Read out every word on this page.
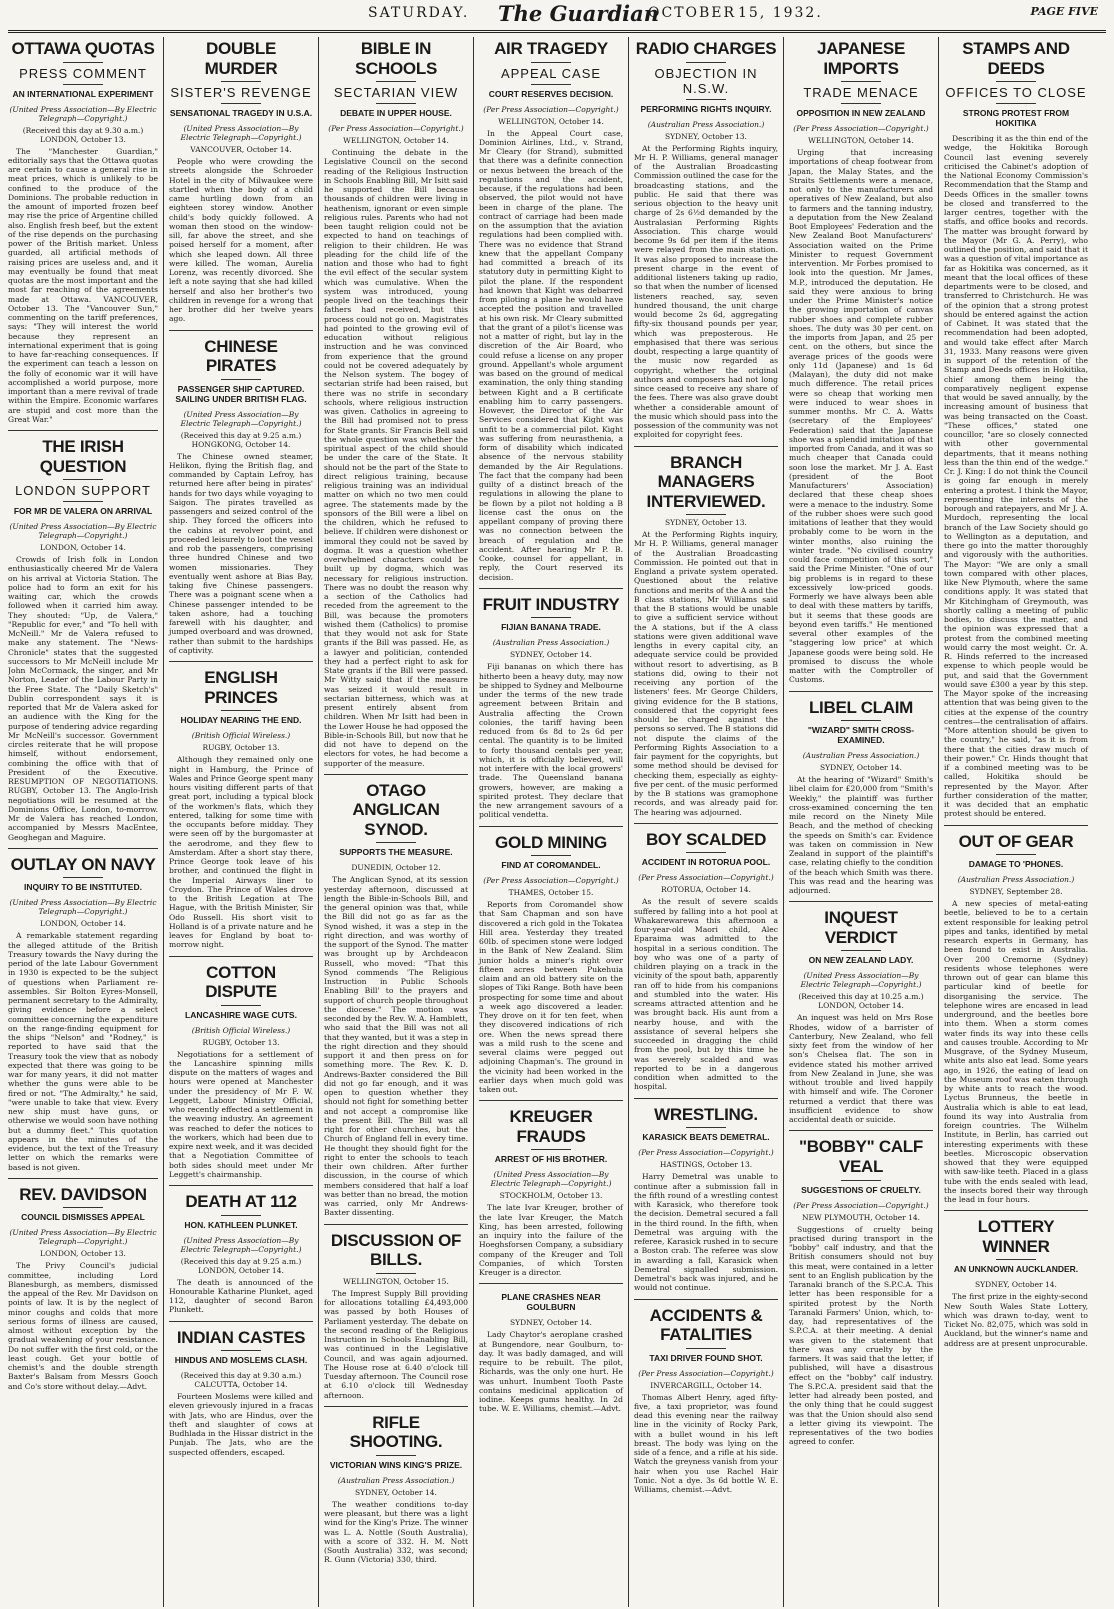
SATURDAY. The Guardian
OCTOBER 15, 1932.	PAGE FIVE
OTTAWA QUOTAS
PRESS COMMENT
AN INTERNATIONAL EXPERIMENT
(United Press Association—By Electric Telegraph—Copyright.)
(Received this day at 9.30 a.m.) LONDON, October 13.
The "Manchester Guardian," editorially says that the Ottawa quotas are certain to cause a general rise in meat prices, which is unlikely to be confined to the produce of the Dominions. The probable reduction in the amount of imported frozen beef may rise the price of Argentine chilled also. English fresh beef, but the extent of the rise depends on the purchasing power of the British market. Unless guarded, all artificial methods of raising prices are useless and, and it may eventually be found that meat quotas are the most important and the most far reaching of the agreements made at Ottawa. VANCOUVER, October 13. The "Vancouver Sun," commenting on the tariff preferences, says: "They will interest the world because they represent an international experiment that is going to have far-reaching consequences. If the experiment can teach a lesson on the folly of economic war it will have accomplished a world purpose, more important than a mere revival of trade within the Empire. Economic warfares are stupid and cost more than the Great War."
THE IRISH QUESTION
LONDON SUPPORT
FOR MR DE VALERA ON ARRIVAL
(United Press Association—By Electric Telegraph—Copyright.)
LONDON, October 14.
Crowds of Irish folk in London enthusiastically cheered Mr de Valera on his arrival at Victoria Station. The police had to form an exit for his waiting car, which the crowds followed when it carried him away. They shouted: "Up, de Valera," "Republic for ever," and "To hell with McNeill." Mr de Valera refused to make any statement. The "News-Chronicle" states that the suggested successors to Mr McNeill include Mr John McCormack, the singer, and Mr Norton, Leader of the Labour Party in the Free State. The "Daily Sketch's" Dublin correspondent says it is reported that Mr de Valera asked for an audience with the King for the purpose of tendering advice regarding Mr McNeill's successor. Government circles reiterate that he will propose himself, without endorsement, combining the office with that of President of the Executive. RESUMPTION OF NEGOTIATIONS. RUGBY, October 13. The Anglo-Irish negotiations will be resumed at the Dominions Office, London, to-morrow. Mr de Valera has reached London, accompanied by Messrs MacEntee, Geoghegan and Maguire.
OUTLAY ON NAVY
INQUIRY TO BE INSTITUTED.
(United Press Association—By Electric Telegraph—Copyright.)
LONDON, October 14.
A remarkable statement regarding the alleged attitude of the British Treasury towards the Navy during the period of the late Labour Government in 1930 is expected to be the subject of questions when Parliament re-assembles. Sir Bolton Eyres-Monsell, permanent secretary to the Admiralty, giving evidence before a select committee concerning the expenditure on the range-finding equipment for the ships "Nelson" and "Rodney," is reported to have said that the Treasury took the view that as nobody expected that there was going to be war for many years, it did not matter whether the guns were able to be fired or not. "The Admiralty," he said, "were unable to take that view. Every new ship must have guns, or otherwise we would soon have nothing but a dummy fleet." This quotation appears in the minutes of the evidence, but the text of the Treasury letter on which the remarks were based is not given.
REV. DAVIDSON
COUNCIL DISMISSES APPEAL
(United Press Association—By Electric Telegraph—Copyright.)
LONDON, October 13.
The Privy Council's judicial committee, including Lord Blanesburgh, as members, dismissed the appeal of the Rev. Mr Davidson on points of law. It is by the neglect of minor coughs and colds that more serious forms of illness are caused, almost without exception by the gradual weakening of your resistance. Do not suffer with the first cold, or the least cough. Get your bottle of chemist's and the double strength Baxter's Balsam from Messrs Gooch and Co's store without delay.—Advt.
DOUBLE MURDER
SISTER'S REVENGE
SENSATIONAL TRAGEDY IN U.S.A.
(United Press Association—By Electric Telegraph—Copyright.)
VANCOUVER, October 14.
People who were crowding the streets alongside the Schroeder Hotel in the city of Milwaukee were startled when the body of a child came hurtling down from an eighteen storey window. Another child's body quickly followed. A woman then stood on the window-sill, far above the street, and she poised herself for a moment, after which she leaped down. All three were killed. The woman, Aurelia Lorenz, was recently divorced. She left a note saying that she had killed herself and also her brother's two children in revenge for a wrong that her brother did her twelve years ago.
CHINESE PIRATES
PASSENGER SHIP CAPTURED. SAILING UNDER BRITISH FLAG.
(United Press Association—By Electric Telegraph—Copyright.)
(Received this day at 9.25 a.m.) HONGKONG, October 14.
The Chinese owned steamer, Helikon, flying the British flag, and commanded by Captain Lefroy, has returned here after being in pirates' hands for two days while voyaging to Saigon. The pirates travelled as passengers and seized control of the ship. They forced the officers into the cabins at revolver point, and proceeded leisurely to loot the vessel and rob the passengers, comprising three hundred Chinese and two women missionaries. They eventually went ashore at Bias Bay, taking five Chinese passengers. There was a poignant scene when a Chinese passenger intended to be taken ashore, had a touching farewell with his daughter, and jumped overboard and was drowned, rather than submit to the hardships of captivity.
ENGLISH PRINCES
HOLIDAY NEARING THE END.
(British Official Wireless.)
RUGBY, October 13.
Although they remained only one night in Hamburg, the Prince of Wales and Prince George spent many hours visiting different parts of that great port, including a typical block of the workmen's flats, which they entered, talking for some time with the occupants before midday. They were seen off by the burgomaster at the aerodrome, and they flew to Amsterdam. After a short stay there, Prince George took leave of his brother, and continued the flight in the Imperial Airways liner to Croydon. The Prince of Wales drove to the British Legation at The Hague, with the British Minister, Sir Odo Russell. His short visit to Holland is of a private nature and he leaves for England by boat to-morrow night.
COTTON DISPUTE
LANCASHIRE WAGE CUTS.
(British Official Wireless.)
RUGBY, October 13.
Negotiations for a settlement of the Lancashire spinning mills dispute on the matters of wages and hours were opened at Manchester under the presidency of Mr F. W. Leggett, Labour Ministry Official, who recently effected a settlement in the weaving industry. An agreement was reached to defer the notices to the workers, which had been due to expire next week, and it was decided that a Negotiation Committee of both sides should meet under Mr Leggett's chairmanship.
DEATH AT 112
HON. KATHLEEN PLUNKET.
(United Press Association—By Electric Telegraph—Copyright.)
(Received this day at 9.25 a.m.) LONDON, October 14.
The death is announced of the Honourable Katharine Plunket, aged 112, daughter of second Baron Plunkett.
INDIAN CASTES
HINDUS AND MOSLEMS CLASH.
(Received this day at 9.30 a.m.) CALCUTTA, October 14.
Fourteen Moslems were killed and eleven grievously injured in a fracas with Jats, who are Hindus, over the theft and slaughter of cows at Budhlada in the Hissar district in the Punjab. The Jats, who are the suspected offenders, escaped.
BIBLE IN SCHOOLS
SECTARIAN VIEW
DEBATE IN UPPER HOUSE.
(Per Press Association—Copyright.)
WELLINGTON, October 14.
Continuing the debate in the Legislative Council on the second reading of the Religious Instruction in Schools Enabling Bill, Mr Isitt said he supported the Bill because thousands of children were living in heathenism, ignorant or even simple religious rules. Parents who had not been taught religion could not be expected to hand on teachings of religion to their children. He was pleading for the child life of the nation and those who had to fight the evil effect of the secular system which was cumulative. When the system was introduced, young people lived on the teachings their fathers had received, but this process could not go on. Magistrates had pointed to the growing evil of education without religious instruction and he was convinced from experience that the ground could not be covered adequately by the Nelson system. The bogey of sectarian strife had been raised, but there was no strife in secondary schools, where religious instruction was given. Catholics in agreeing to the Bill had promised not to press for State grants. Sir Francis Bell said the whole question was whether the spiritual aspect of the child should be under the care of the State. It should not be the part of the State to direct religious training, because religious training was an individual matter on which no two men could agree. The statements made by the sponsors of the Bill were a libel on the children, which he refused to believe. If children were dishonest or immoral they could not be saved by dogma. It was a question whether overwhelmed characters could be built up by dogma, which was necessary for religious instruction. There was no doubt the reason why a section of the Catholics had receded from the agreement to the Bill, was because the promoters wished them (Catholics) to promise that they would not ask for State grants if the Bill was passed. He, as a lawyer and politician, contended they had a perfect right to ask for State grants if the Bill were passed. Mr Witty said that if the measure was seized it would result in sectarian bitterness, which was at present entirely absent from children. When Mr Isitt had been in the Lower House he had opposed the Bible-in-Schools Bill, but now that he did not have to depend on the electors for votes, he had become a supporter of the measure.
OTAGO ANGLICAN SYNOD.
SUPPORTS THE MEASURE.
DUNEDIN, October 12.
The Anglican Synod, at its session yesterday afternoon, discussed at length the Bible-in-Schools Bill, and the general opinion was that, while the Bill did not go as far as the Synod wished, it was a step in the right direction, and was worthy of the support of the Synod. The matter was brought up by Archdeacon Russell, who moved: "That this Synod commends 'The Religious Instruction in Public Schools Enabling Bill' to the prayers and support of church people throughout the diocese." The motion was seconded by the Rev. W. A. Hamblett, who said that the Bill was not all that they wanted, but it was a step in the right direction and they should support it and then press on for something more. The Rev. K. D. Andrews-Baxter considered the Bill did not go far enough, and it was open to question whether they should not fight for something better and not accept a compromise like the present Bill. The Bill was all right for other churches, but the Church of England fell in every time. He thought they should fight for the right to enter the schools to teach their own children. After further discussion, in the course of which members considered that half a loaf was better than no bread, the motion was carried, only Mr Andrews-Baxter dissenting.
DISCUSSION OF BILLS.
WELLINGTON, October 15.
The Imprest Supply Bill providing for allocations totalling £4,493,000 was passed by both Houses of Parliament yesterday. The debate on the second reading of the Religious Instruction in Schools Enabling Bill, was continued in the Legislative Council, and was again adjourned. The House rose at 6.40 o'clock till Tuesday afternoon. The Council rose at 6.10 o'clock till Wednesday afternoon.
RIFLE SHOOTING.
VICTORIAN WINS KING'S PRIZE.
(Australian Press Association.)
SYDNEY, October 14.
The weather conditions to-day were pleasant, but there was a light wind for the King's Prize. The winner was L. A. Nottle (South Australia), with a score of 332. H. M. Nott (South Australia) 332, was second; R. Gunn (Victoria) 330, third.
AIR TRAGEDY
APPEAL CASE
COURT RESERVES DECISION.
(Per Press Association—Copyright.)
WELLINGTON, October 14.
In the Appeal Court case, Dominion Airlines, Ltd., v. Strand, Mr Cleary (for Strand), submitted that there was a definite connection or nexus between the breach of the regulations and the accident, because, if the regulations had been observed, the pilot would not have been in charge of the plane. The contract of carriage had been made on the assumption that the aviation regulations had been complied with. There was no evidence that Strand knew that the appellant Company had committed a breach of its statutory duty in permitting Kight to pilot the plane. If the respondent had known that Kight was debarred from piloting a plane he would have accepted the position and travelled at his own risk. Mr Cleary submitted that the grant of a pilot's license was not a matter of right, but lay in the discretion of the Air Board, who could refuse a license on any proper ground. Appellant's whole argument was based on the ground of medical examination, the only thing standing between Kight and a B certificate enabling him to carry passengers. However, the Director of the Air Services considered that Kight was unfit to be a commercial pilot. Kight was suffering from neurasthenia, a form of disability which indicated absence of the nervous stability demanded by the Air Regulations. The fact that the company had been guilty of a distinct breach of the regulations in allowing the plane to be flown by a pilot not holding a B license cast the onus on the appellant company of proving there was no connection between the breach of regulation and the accident. After hearing Mr P. B. Cooke, counsel for appellant, in reply, the Court reserved its decision.
FRUIT INDUSTRY
FIJIAN BANANA TRADE.
(Australian Press Association.)
SYDNEY, October 14.
Fiji bananas on which there has hitherto been a heavy duty, may now be shipped to Sydney and Melbourne under the terms of the new trade agreement between Britain and Australia affecting the Crown colonies, the tariff having been reduced from 6s 8d to 2s 6d per cental. The quantity is to be limited to forty thousand centals per year, which, it is officially believed, will not interfere with the local growers' trade. The Queensland banana growers, however, are making a spirited protest. They declare that the new arrangement savours of a political vendetta.
GOLD MINING
FIND AT COROMANDEL.
(Per Press Association—Copyright.)
THAMES, October 15.
Reports from Coromandel show that Sam Chapman and son have discovered a rich gold in the Tokatea Hill area. Yesterday they treated 60lb. of specimen stone were lodged in the Bank of New Zealand. Slim junior holds a miner's right over fifteen acres between Pukehuia claim and an old battery site on the slopes of Tiki Range. Both have been prospecting for some time and about a week ago discovered a leader. They drove on it for ten feet, when they discovered indications of rich ore. When the news spread there was a mild rush to the scene and several claims were pegged out adjoining Chapman's. The ground in the vicinity had been worked in the earlier days when much gold was taken out.
KREUGER FRAUDS
ARREST OF HIS BROTHER.
(United Press Association—By Electric Telegraph—Copyright.)
STOCKHOLM, October 13.
The late Ivar Kreuger, brother of the late Ivar Kreuger, the Match King, has been arrested, following an inquiry into the failure of the Hoeghsforsen Company, a subsidiary company of the Kreuger and Toll Companies, of which Torsten Kreuger is a director.
PLANE CRASHES NEAR GOULBURN
SYDNEY, October 14.
Lady Chaytor's aeroplane crashed at Bungendore, near Goulburn, to-day. It was badly damaged, and will require to be rebuilt. The pilot, Richards, was the only one hurt. He was unhurt. Inumbent Tooth Paste contains medicinal application of iodine. Keeps gums healthy. In 2d tube. W. E. Williams, chemist.—Advt.
RADIO CHARGES
OBJECTION IN N.S.W.
PERFORMING RIGHTS INQUIRY.
(Australian Press Association.)
SYDNEY, October 13.
At the Performing Rights inquiry, Mr H. P. Williams, general manager of the Australian Broadcasting Commission outlined the case for the broadcasting stations, and the public. He said that there was serious objection to the heavy unit charge of 2s 6½d demanded by the Australasian Performing Rights Association. This charge would become 9s 6d per item if the items were relayed from the main station. It was also proposed to increase the present charge in the event of additional listeners taking up radio, so that when the number of licensed listeners reached, say, seven hundred thousand, the unit charge would become 2s 6d, aggregating fifty-six thousand pounds per year, which was preposterous. He emphasised that there was serious doubt, respecting a large quantity of the music now regarded as copyright, whether the original authors and composers had not long since ceased to receive any share of the fees. There was also grave doubt whether a considerable amount of the music which should pass into the possession of the community was not exploited for copyright fees.
BRANCH MANAGERS INTERVIEWED.
SYDNEY, October 13.
At the Performing Rights inquiry, Mr H. P. Williams, general manager of the Australian Broadcasting Commission. He pointed out that in England a private system operated. Questioned about the relative functions and merits of the A and the B class stations, Mr Williams said that the B stations would be unable to give a sufficient service without the A stations, but if the A class stations were given additional wave lengths in every capital city, an adequate service could be provided without resort to advertising, as B stations did, owing to their not receiving any portion of the listeners' fees. Mr George Childers, giving evidence for the B stations, considered that the copyright fees should be charged against the persons so served. The B stations did not dispute the claims of the Performing Rights Association to a fair payment for the copyrights, but some method should be devised for checking them, especially as eighty-five per cent. of the music performed by the B stations was gramophone records, and was already paid for. The hearing was adjourned.
BOY SCALDED
ACCIDENT IN ROTORUA POOL.
(Per Press Association—Copyright.)
ROTORUA, October 14.
As the result of severe scalds suffered by falling into a hot pool at Whakarewarewa this afternoon a four-year-old Maori child, Alec Eparaima was admitted to the hospital in a serious condition. The boy who was one of a party of children playing on a track in the vicinity of the spout bath, apparently ran off to hide from his companions and stumbled into the water. His screams attracted attention and he was brought back. His aunt from a nearby house, and with the assistance of several helpers she succeeded in dragging the child from the pool, but by this time he was severely scalded and was reported to be in a dangerous condition when admitted to the hospital.
WRESTLING.
KARASICK BEATS DEMETRAL.
(Per Press Association—Copyright.)
HASTINGS, October 13.
Harry Demetral was unable to continue after a submission fall in the fifth round of a wrestling contest with Karasick, who therefore took the decision. Demetral secured a fall in the third round. In the fifth, when Demetral was arguing with the referee, Karasick rushed in to secure a Boston crab. The referee was slow in awarding a fall, Karasick when Demetral signalled submission. Demetral's back was injured, and he would not continue.
ACCIDENTS & FATALITIES
TAXI DRIVER FOUND SHOT.
(Per Press Association—Copyright.)
INVERCARGILL, October 14.
Thomas Albert Henry, aged fifty-five, a taxi proprietor, was found dead this evening near the railway line in the vicinity of Rocky Park, with a bullet wound in his left breast. The body was lying on the side of a fence, and a rifle at his side. Watch the greyness vanish from your hair when you use Rachel Hair Tonic. Not a dye. 3s 6d bottle W. E. Williams, chemist.—Advt.
JAPANESE IMPORTS
TRADE MENACE
OPPOSITION IN NEW ZEALAND
(Per Press Association—Copyright.)
WELLINGTON, October 14.
Urging that increasing importations of cheap footwear from Japan, the Malay States, and the Straits Settlements were a menace, not only to the manufacturers and operatives of New Zealand, but also to farmers and the tanning industry, a deputation from the New Zealand Boot Employees' Federation and the New Zealand Boot Manufacturers' Association waited on the Prime Minister to request Government intervention. Mr Forbes promised to look into the question. Mr James, M.P., introduced the deputation. He said they were anxious to bring under the Prime Minister's notice the growing importation of canvas rubber shoes and complete rubber shoes. The duty was 30 per cent. on the imports from Japan, and 25 per cent. on the others, but since the average prices of the goods were only 11d (Japanese) and 1s 6d (Malayan), the duty did not make much difference. The retail prices were so cheap that working men were induced to wear shoes in summer months. Mr C. A. Watts (secretary of the Employees' Federation) said that the Japanese shoe was a splendid imitation of that imported from Canada, and it was so much cheaper that Canada could soon lose the market. Mr J. A. East (president of the Boot Manufacturers' Association) declared that these cheap shoes were a menace to the industry. Some of the rubber shoes were such good imitations of leather that they would probably come to be worn in the winter months, also ruining the winter trade. "No civilised country could face competition of this sort," said the Prime Minister. "One of our big problems is in regard to these excessively low-priced goods. Formerly we have always been able to deal with these matters by tariffs, but it seems that these goods are beyond even tariffs." He mentioned several other examples of the "staggering low price" at which Japanese goods were being sold. He promised to discuss the whole matter with the Comptroller of Customs.
LIBEL CLAIM
"WIZARD" SMITH CROSS-EXAMINED.
(Australian Press Association.)
SYDNEY, October 14.
At the hearing of "Wizard" Smith's libel claim for £20,000 from "Smith's Weekly," the plaintiff was further cross-examined concerning the ten mile record on the Ninety Mile Beach, and the method of checking the speeds on Smith's car. Evidence was taken on commission in New Zealand in support of the plaintiff's case, relating chiefly to the condition of the beach which Smith was there. This was read and the hearing was adjourned.
INQUEST VERDICT
ON NEW ZEALAND LADY.
(United Press Association—By Electric Telegraph—Copyright.)
(Received this day at 10.25 a.m.) LONDON, October 14.
An inquest was held on Mrs Rose Rhodes, widow of a barrister of Canterbury, New Zealand, who fell sixty feet from the window of her son's Chelsea flat. The son in evidence stated his mother arrived from New Zealand in June, she was without trouble and lived happily with himself and wife. The Coroner returned a verdict that there was insufficient evidence to show accidental death or suicide.
"BOBBY" CALF VEAL
SUGGESTIONS OF CRUELTY.
(Per Press Association—Copyright.)
NEW PLYMOUTH, October 14.
Suggestions of cruelty being practised during transport in the "bobby" calf industry, and that the British consumers should not buy this meat, were contained in a letter sent to an English publication by the Taranaki branch of the S.P.C.A. This letter has been responsible for a spirited protest by the North Taranaki Farmers' Union, which, to-day, had representatives of the S.P.C.A. at their meeting. A denial was given to the statement that there was any cruelty by the farmers. It was said that the letter, if published, will have a disastrous effect on the "bobby" calf industry. The S.P.C.A. president said that the letter had already been posted, and the only thing that he could suggest was that the Union should also send a letter giving its viewpoint. The representatives of the two bodies agreed to confer.
STAMPS AND DEEDS
OFFICES TO CLOSE
STRONG PROTEST FROM HOKITIKA
Describing it as the thin end of the wedge, the Hokitika Borough Council last evening severely criticised the Cabinet's adoption of the National Economy Commission's Recommendation that the Stamp and Deeds Offices in the smaller towns be closed and transferred to the larger centres, together with the staffs, and office books and records. The matter was brought forward by the Mayor (Mr G. A. Perry), who outlined the position, and said that it was a question of vital importance as far as Hokitika was concerned, as it meant that the local offices of these departments were to be closed, and transferred to Christchurch. He was of the opinion that a strong protest should be entered against the action of Cabinet. It was stated that the recommendation had been adopted, and would take effect after March 31, 1933. Many reasons were given in support of the retention of the Stamp and Deeds offices in Hokitika, chief among them being the comparatively negligent expense that would be saved annually, by the increasing amount of business that was being transacted on the Coast. "These offices," stated one councillor, "are so closely connected with other governmental departments, that it means nothing less than the thin end of the wedge." Cr. J. King: I do not think the Council is going far enough in merely entering a protest. I think the Mayor, representing the interests of the borough and ratepayers, and Mr J. A. Murdoch, representing the local branch of the Law Society should go to Wellington as a deputation, and there go into the matter thoroughly and vigorously with the authorities. The Mayor: "We are only a small town compared with other places, like New Plymouth, where the same conditions apply. It was stated that Mr Kitchingham of Greymouth, was shortly calling a meeting of public bodies, to discuss the matter, and the opinion was expressed that a protest from the combined meeting would carry the most weight. Cr. A. R. Hinds referred to the increased expense to which people would be put, and said that the Government would save £300 a year by this step. The Mayor spoke of the increasing attention that was being given to the cities at the expense of the country centres—the centralisation of affairs. "More attention should be given to the country," he said, "as it is from there that the cities draw much of their power." Cr. Hinds thought that if a combined meeting was to be called, Hokitika should be represented by the Mayor. After further consideration of the matter, it was decided that an emphatic protest should be entered.
OUT OF GEAR
DAMAGE TO 'PHONES.
(Australian Press Association.)
SYDNEY, September 28.
A new species of metal-eating beetle, believed to be to a certain extent responsible for leaking petrol pipes and tanks, identified by metal research experts in Germany, has been found to exist in Australia. Over 200 Cremorne (Sydney) residents whose telephones were thrown out of gear can blame this particular kind of beetle for disorganising the service. The telephone wires are encased in lead underground, and the beetles bore into them. When a storm comes water finds its way into these cells and causes trouble. According to Mr Musgrave, of the Sydney Museum, white ants also eat lead. Some years ago, in 1926, the eating of lead on the Museum roof was eaten through by white ants to reach the wood. Lyctus Brunneus, the beetle in Australia which is able to eat lead, found its way into Australia from foreign countries. The Wilhelm Institute, in Berlin, has carried out interesting experiments with these beetles. Microscopic observation showed that they were equipped with saw-like teeth. Placed in a glass tube with the ends sealed with lead, the insects bored their way through the lead in four hours.
LOTTERY WINNER
AN UNKNOWN AUCKLANDER.
SYDNEY, October 14.
The first prize in the eighty-second New South Wales State Lottery, which was drawn to-day, went to Ticket No. 82,075, which was sold in Auckland, but the winner's name and address are at present unprocurable.
